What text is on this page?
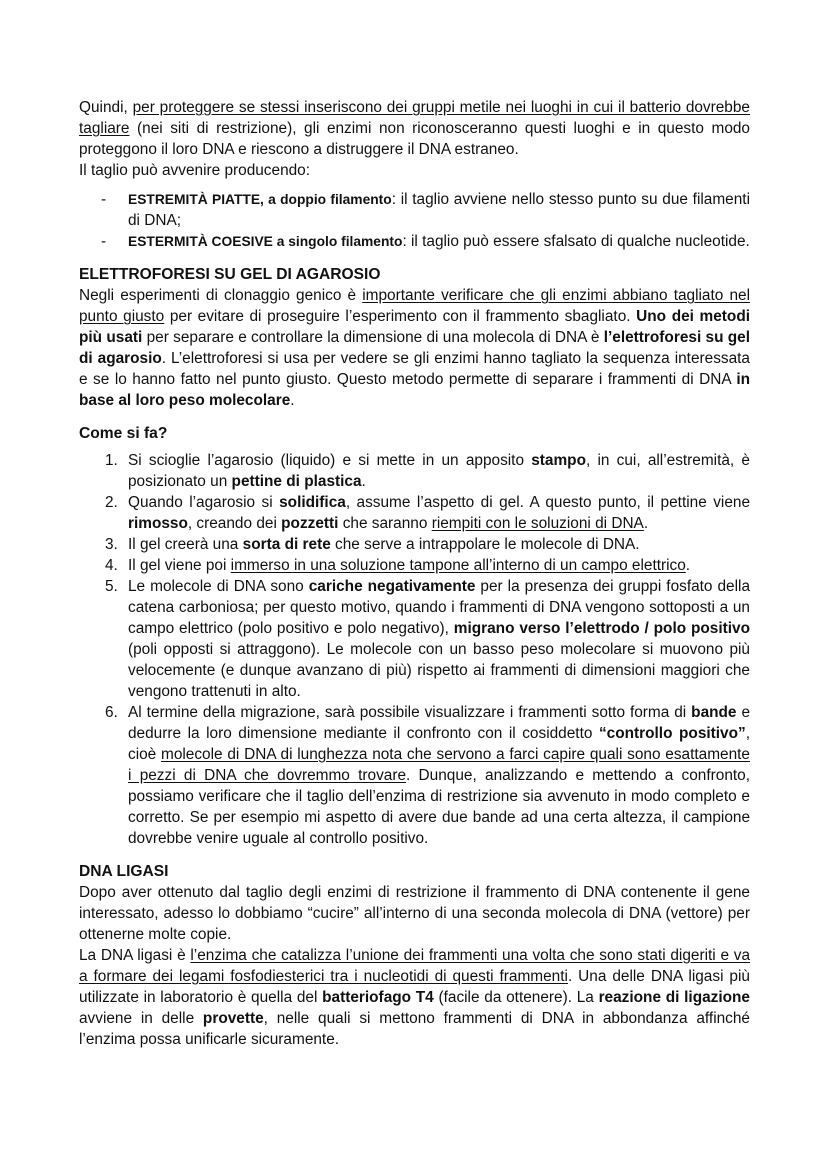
Quindi, per proteggere se stessi inseriscono dei gruppi metile nei luoghi in cui il batterio dovrebbe tagliare (nei siti di restrizione), gli enzimi non riconosceranno questi luoghi e in questo modo proteggono il loro DNA e riescono a distruggere il DNA estraneo.

Il taglio può avvenire producendo:

- ESTREMITÀ PIATTE, a doppio filamento: il taglio avviene nello stesso punto su due filamenti di DNA;
- ESTERMITÀ COESIVE a singolo filamento: il taglio può essere sfalsato di qualche nucleotide.
ELETTROFORESI SU GEL DI AGAROSIO

Negli esperimenti di clonaggio genico è importante verificare che gli enzimi abbiano tagliato nel punto giusto per evitare di proseguire l’esperimento con il frammento sbagliato. Uno dei metodi più usati per separare e controllare la dimensione di una molecola di DNA è l’elettroforesi su gel di agarosio. L’elettroforesi si usa per vedere se gli enzimi hanno tagliato la sequenza interessata e se lo hanno fatto nel punto giusto. Questo metodo permette di separare i frammenti di DNA in base al loro peso molecolare.

Come si fa?
1. Si scioglie l’agarosio (liquido) e si mette in un apposito stampo, in cui, all’estremità, è posizionato un pettine di plastica.
2. Quando l’agarosio si solidifica, assume l’aspetto di gel. A questo punto, il pettine viene rimosso, creando dei pozzetti che saranno riempiti con le soluzioni di DNA.
3. Il gel creerà una sorta di rete che serve a intrappolare le molecole di DNA.
4. Il gel viene poi immerso in una soluzione tampone all’interno di un campo elettrico.
5. Le molecole di DNA sono cariche negativamente per la presenza dei gruppi fosfato della catena carboniosa; per questo motivo, quando i frammenti di DNA vengono sottoposti a un campo elettrico (polo positivo e polo negativo), migrano verso l’elettrodo / polo positivo (poli opposti si attraggono). Le molecole con un basso peso molecolare si muovono più velocemente (e dunque avanzano di più) rispetto ai frammenti di dimensioni maggiori che vengono trattenuti in alto.
6. Al termine della migrazione, sarà possibile visualizzare i frammenti sotto forma di bande e dedurre la loro dimensione mediante il confronto con il cosiddetto “controllo positivo”, cioè molecole di DNA di lunghezza nota che servono a farci capire quali sono esattamente i pezzi di DNA che dovremmo trovare. Dunque, analizzando e mettendo a confronto, possiamo verificare che il taglio dell’enzima di restrizione sia avvenuto in modo completo e corretto. Se per esempio mi aspetto di avere due bande ad una certa altezza, il campione dovrebbe venire uguale al controllo positivo.
DNA LIGASI

Dopo aver ottenuto dal taglio degli enzimi di restrizione il frammento di DNA contenente il gene interessato, adesso lo dobbiamo “cucire” all’interno di una seconda molecola di DNA (vettore) per ottenerne molte copie.

La DNA ligasi è l’enzima che catalizza l’unione dei frammenti una volta che sono stati digeriti e va a formare dei legami fosfodiesterici tra i nucleotidi di questi frammenti. Una delle DNA ligasi più utilizzate in laboratorio è quella del batteriofago T4 (facile da ottenere). La reazione di ligazione avviene in delle provette, nelle quali si mettono frammenti di DNA in abbondanza affinché l’enzima possa unificarle sicuramente.
